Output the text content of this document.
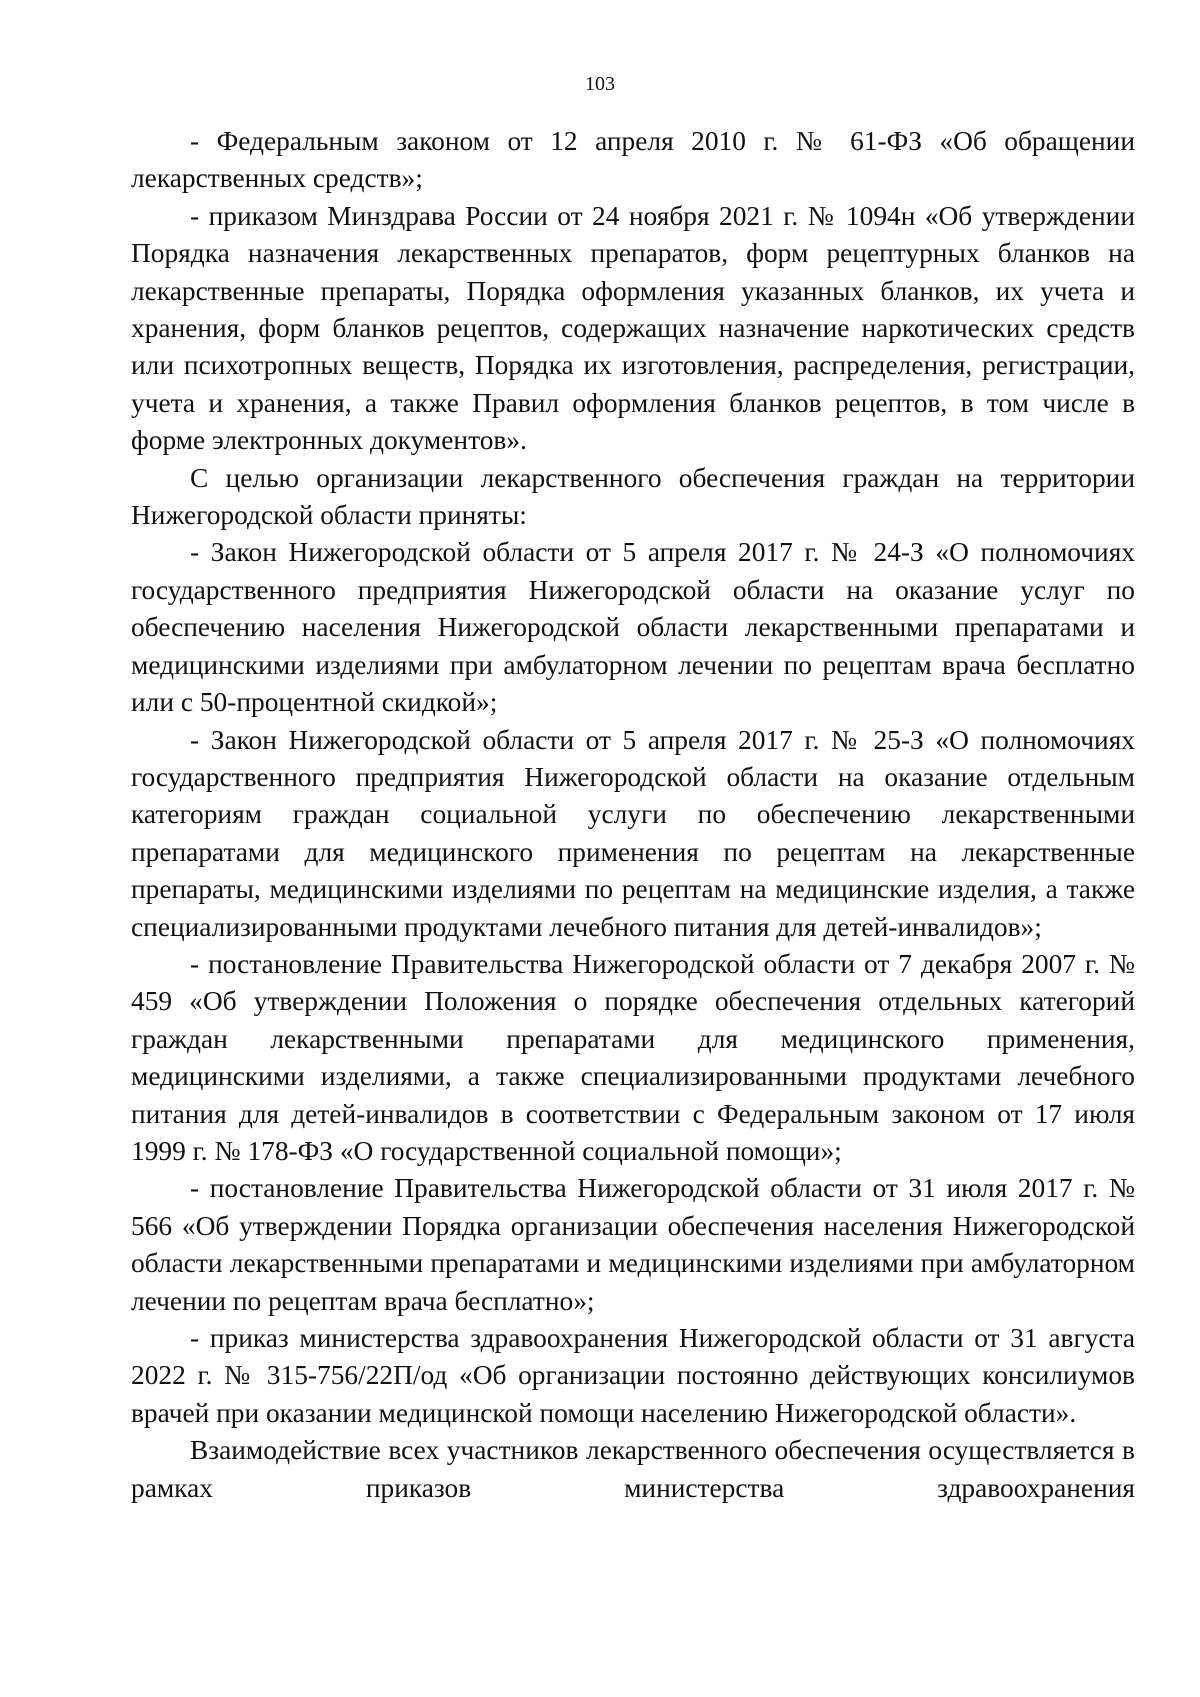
103

- Федеральным законом от 12 апреля 2010 г. № 61-ФЗ «Об обращении лекарственных средств»;

- приказом Минздрава России от 24 ноября 2021 г. № 1094н «Об утверждении Порядка назначения лекарственных препаратов, форм рецептурных бланков на лекарственные препараты, Порядка оформления указанных бланков, их учета и хранения, форм бланков рецептов, содержащих назначение наркотических средств или психотропных веществ, Порядка их изготовления, распределения, регистрации, учета и хранения, а также Правил оформления бланков рецептов, в том числе в форме электронных документов».

С целью организации лекарственного обеспечения граждан на территории Нижегородской области приняты:

- Закон Нижегородской области от 5 апреля 2017 г. № 24-З «О полномочиях государственного предприятия Нижегородской области на оказание услуг по обеспечению населения Нижегородской области лекарственными препаратами и медицинскими изделиями при амбулаторном лечении по рецептам врача бесплатно или с 50-процентной скидкой»;

- Закон Нижегородской области от 5 апреля 2017 г. № 25-З «О полномочиях государственного предприятия Нижегородской области на оказание отдельным категориям граждан социальной услуги по обеспечению лекарственными препаратами для медицинского применения по рецептам на лекарственные препараты, медицинскими изделиями по рецептам на медицинские изделия, а также специализированными продуктами лечебного питания для детей-инвалидов»;

- постановление Правительства Нижегородской области от 7 декабря 2007 г. № 459 «Об утверждении Положения о порядке обеспечения отдельных категорий граждан лекарственными препаратами для медицинского применения, медицинскими изделиями, а также специализированными продуктами лечебного питания для детей-инвалидов в соответствии с Федеральным законом от 17 июля 1999 г. № 178-ФЗ «О государственной социальной помощи»;

- постановление Правительства Нижегородской области от 31 июля 2017 г. № 566 «Об утверждении Порядка организации обеспечения населения Нижегородской области лекарственными препаратами и медицинскими изделиями при амбулаторном лечении по рецептам врача бесплатно»;

- приказ министерства здравоохранения Нижегородской области от 31 августа 2022 г. № 315-756/22П/од «Об организации постоянно действующих консилиумов врачей при оказании медицинской помощи населению Нижегородской области».

Взаимодействие всех участников лекарственного обеспечения осуществляется в рамках приказов министерства здравоохранения
